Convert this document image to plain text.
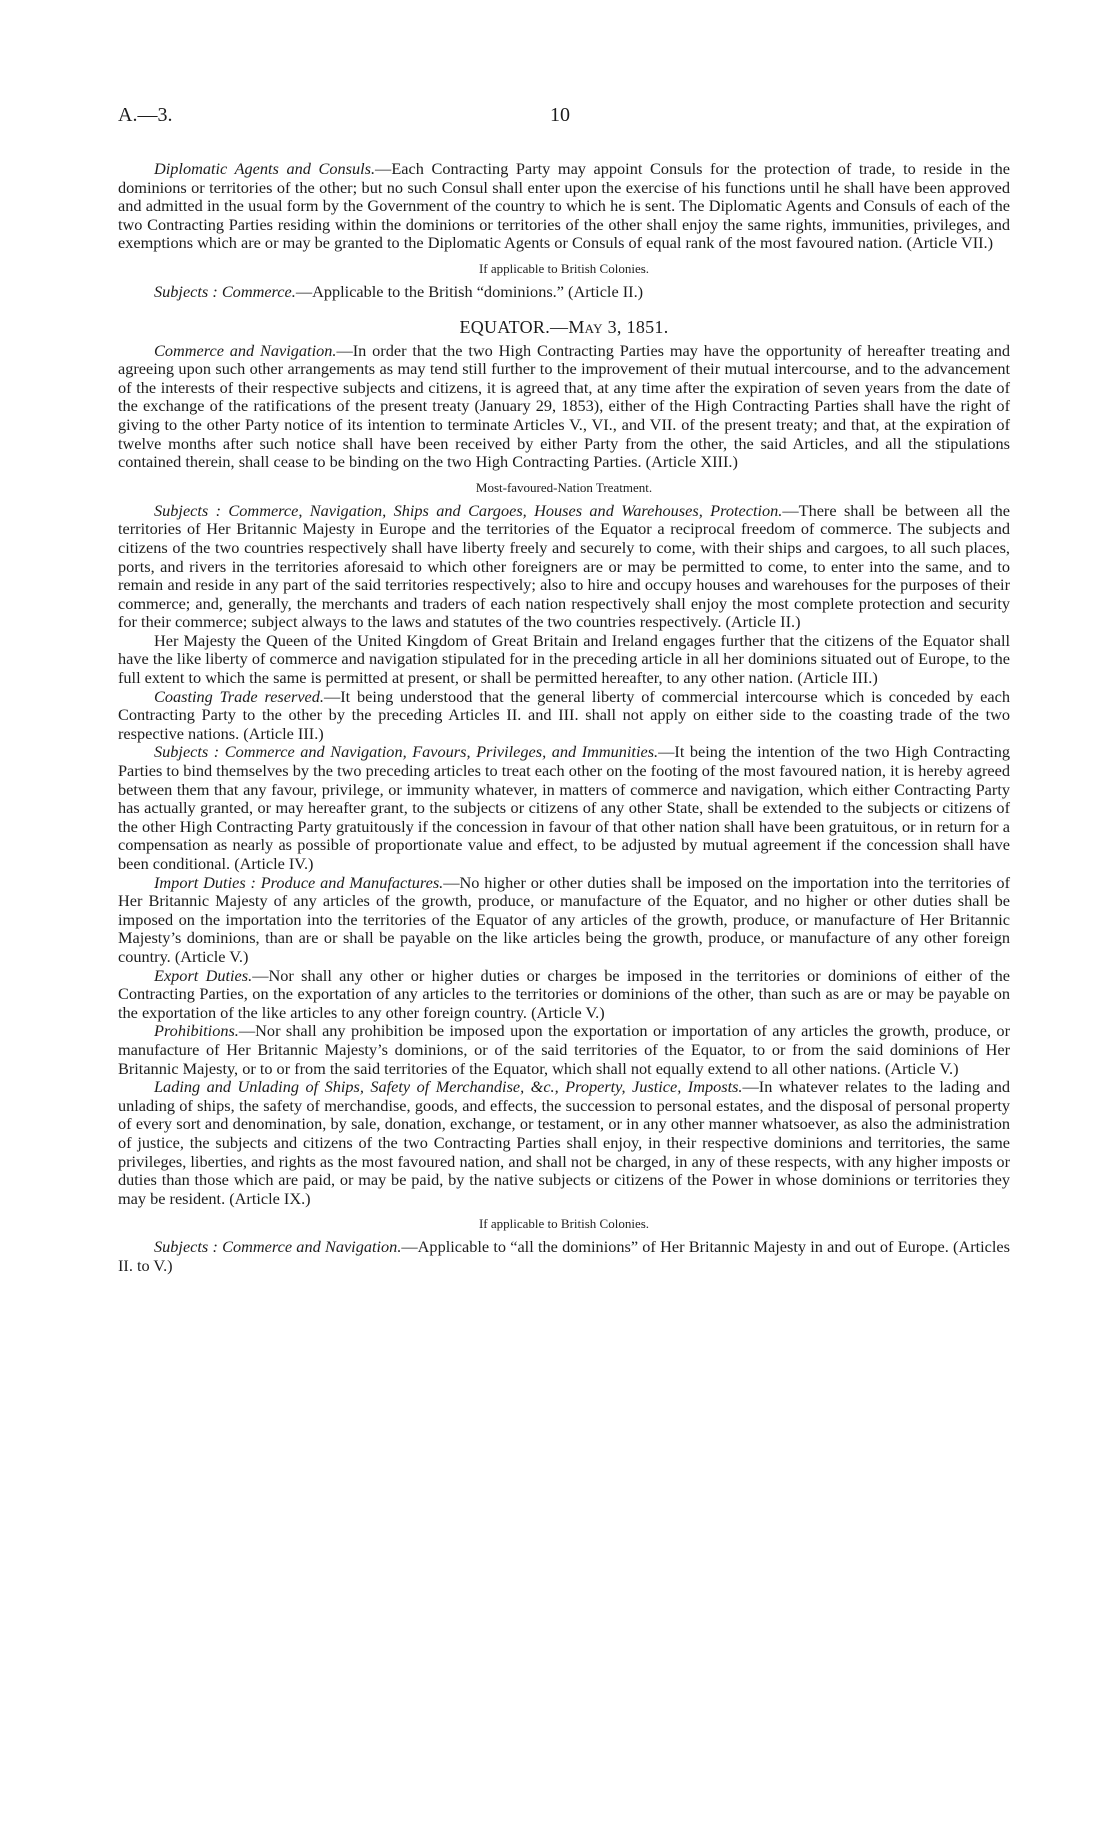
A.—3.	10

Diplomatic Agents and Consuls.—Each Contracting Party may appoint Consuls for the protection of trade, to reside in the dominions or territories of the other; but no such Consul shall enter upon the exercise of his functions until he shall have been approved and admitted in the usual form by the Government of the country to which he is sent. The Diplomatic Agents and Consuls of each of the two Contracting Parties residing within the dominions or territories of the other shall enjoy the same rights, immunities, privileges, and exemptions which are or may be granted to the Diplomatic Agents or Consuls of equal rank of the most favoured nation. (Article VII.)

If applicable to British Colonies.

Subjects : Commerce.—Applicable to the British “dominions.” (Article II.)

EQUATOR.—May 3, 1851.

Commerce and Navigation.—In order that the two High Contracting Parties may have the opportunity of hereafter treating and agreeing upon such other arrangements as may tend still further to the improvement of their mutual intercourse, and to the advancement of the interests of their respective subjects and citizens, it is agreed that, at any time after the expiration of seven years from the date of the exchange of the ratifications of the present treaty (January 29, 1853), either of the High Contracting Parties shall have the right of giving to the other Party notice of its intention to terminate Articles V., VI., and VII. of the present treaty; and that, at the expiration of twelve months after such notice shall have been received by either Party from the other, the said Articles, and all the stipulations contained therein, shall cease to be binding on the two High Contracting Parties. (Article XIII.)

Most-favoured-Nation Treatment.

Subjects : Commerce, Navigation, Ships and Cargoes, Houses and Warehouses, Protection.—There shall be between all the territories of Her Britannic Majesty in Europe and the territories of the Equator a reciprocal freedom of commerce. The subjects and citizens of the two countries respectively shall have liberty freely and securely to come, with their ships and cargoes, to all such places, ports, and rivers in the territories aforesaid to which other foreigners are or may be permitted to come, to enter into the same, and to remain and reside in any part of the said territories respectively; also to hire and occupy houses and warehouses for the purposes of their commerce; and, generally, the merchants and traders of each nation respectively shall enjoy the most complete protection and security for their commerce; subject always to the laws and statutes of the two countries respectively. (Article II.)

Her Majesty the Queen of the United Kingdom of Great Britain and Ireland engages further that the citizens of the Equator shall have the like liberty of commerce and navigation stipulated for in the preceding article in all her dominions situated out of Europe, to the full extent to which the same is permitted at present, or shall be permitted hereafter, to any other nation. (Article III.)

Coasting Trade reserved.—It being understood that the general liberty of commercial intercourse which is conceded by each Contracting Party to the other by the preceding Articles II. and III. shall not apply on either side to the coasting trade of the two respective nations. (Article III.)

Subjects : Commerce and Navigation, Favours, Privileges, and Immunities.—It being the intention of the two High Contracting Parties to bind themselves by the two preceding articles to treat each other on the footing of the most favoured nation, it is hereby agreed between them that any favour, privilege, or immunity whatever, in matters of commerce and navigation, which either Contracting Party has actually granted, or may hereafter grant, to the subjects or citizens of any other State, shall be extended to the subjects or citizens of the other High Contracting Party gratuitously if the concession in favour of that other nation shall have been gratuitous, or in return for a compensation as nearly as possible of proportionate value and effect, to be adjusted by mutual agreement if the concession shall have been conditional. (Article IV.)

Import Duties : Produce and Manufactures.—No higher or other duties shall be imposed on the importation into the territories of Her Britannic Majesty of any articles of the growth, produce, or manufacture of the Equator, and no higher or other duties shall be imposed on the importation into the territories of the Equator of any articles of the growth, produce, or manufacture of Her Britannic Majesty’s dominions, than are or shall be payable on the like articles being the growth, produce, or manufacture of any other foreign country. (Article V.)

Export Duties.—Nor shall any other or higher duties or charges be imposed in the territories or dominions of either of the Contracting Parties, on the exportation of any articles to the territories or dominions of the other, than such as are or may be payable on the exportation of the like articles to any other foreign country. (Article V.)

Prohibitions.—Nor shall any prohibition be imposed upon the exportation or importation of any articles the growth, produce, or manufacture of Her Britannic Majesty’s dominions, or of the said territories of the Equator, to or from the said dominions of Her Britannic Majesty, or to or from the said territories of the Equator, which shall not equally extend to all other nations. (Article V.)

Lading and Unlading of Ships, Safety of Merchandise, &c., Property, Justice, Imposts.—In whatever relates to the lading and unlading of ships, the safety of merchandise, goods, and effects, the succession to personal estates, and the disposal of personal property of every sort and denomination, by sale, donation, exchange, or testament, or in any other manner whatsoever, as also the administration of justice, the subjects and citizens of the two Contracting Parties shall enjoy, in their respective dominions and territories, the same privileges, liberties, and rights as the most favoured nation, and shall not be charged, in any of these respects, with any higher imposts or duties than those which are paid, or may be paid, by the native subjects or citizens of the Power in whose dominions or territories they may be resident. (Article IX.)

If applicable to British Colonies.

Subjects : Commerce and Navigation.—Applicable to “all the dominions” of Her Britannic Majesty in and out of Europe. (Articles II. to V.)
